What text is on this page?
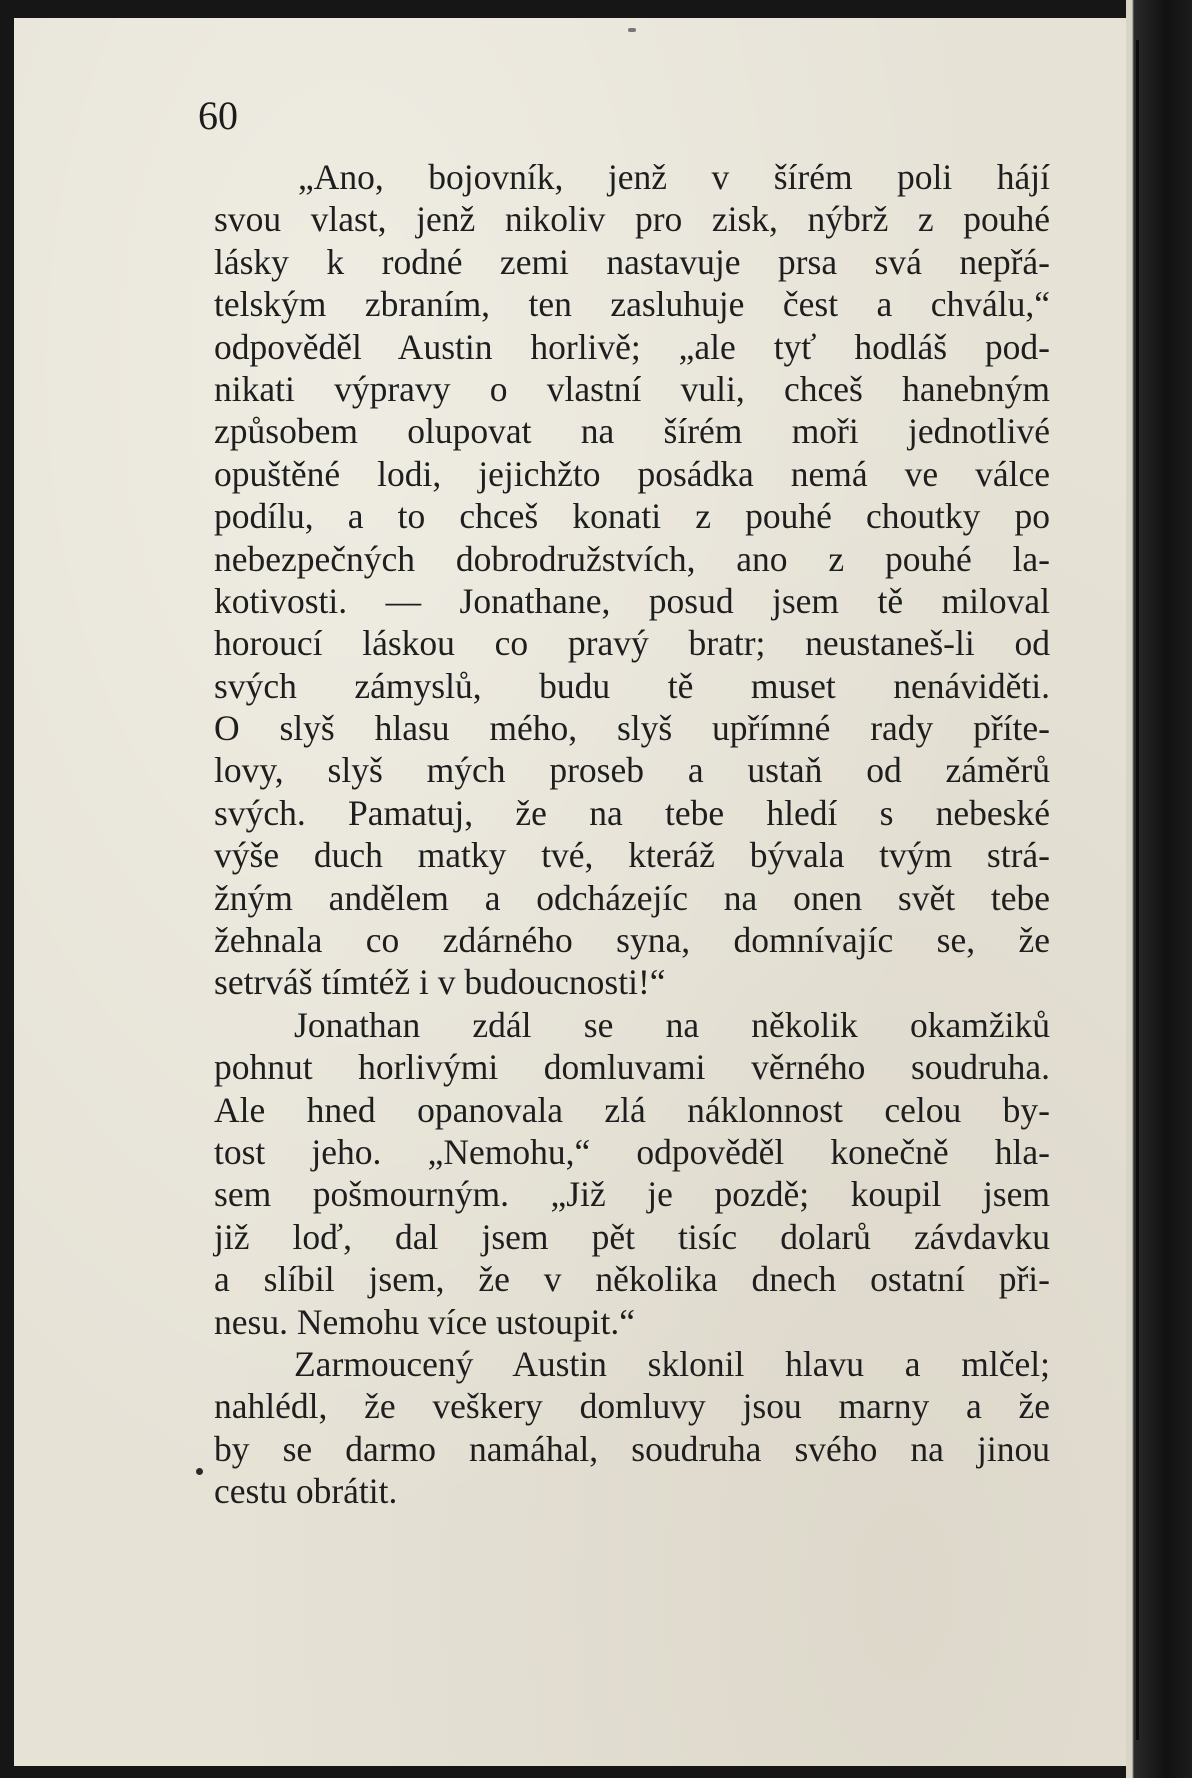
60
„Ano, bojovník, jenž v šírém poli hájí
svou vlast, jenž nikoliv pro zisk, nýbrž z pouhé
lásky k rodné zemi nastavuje prsa svá nepřá-
telským zbraním, ten zasluhuje čest a chválu,“
odpověděl Austin horlivě; „ale tyť hodláš pod-
nikati výpravy o vlastní vuli, chceš hanebným
způsobem olupovat na šírém moři jednotlivé
opuštěné lodi, jejichžto posádka nemá ve válce
podílu, a to chceš konati z pouhé choutky po
nebezpečných dobrodružstvích, ano z pouhé la-
kotivosti. — Jonathane, posud jsem tě miloval
horoucí láskou co pravý bratr; neustaneš-li od
svých zámyslů, budu tě muset nenáviděti.
O slyš hlasu mého, slyš upřímné rady přítе-
lovy, slyš mých proseb a ustaň od záměrů
svých. Pamatuj, že na tebe hledí s nebeské
výše duch matky tvé, kteráž bývala tvým strá-
žným andělem a odcházejíc na onen svět tebe
žehnala co zdárného syna, domnívajíc se, že
setrváš tímtéž i v budoucnosti!“
Jonathan zdál se na několik okamžiků
pohnut horlivými domluvami věrného soudruha.
Ale hned opanovala zlá náklonnost celou by-
tost jeho. „Nemohu,“ odpověděl konečně hla-
sem pošmourným. „Již je pozdě; koupil jsem
již loď, dal jsem pět tisíc dolarů závdavku
a slíbil jsem, že v několika dnech ostatní při-
nesu. Nemohu více ustoupit.“
Zarmoucený Austin sklonil hlavu a mlčel;
nahlédl, že veškery domluvy jsou marny a že
by se darmo namáhal, soudruha svého na jinou
cestu obrátit.
